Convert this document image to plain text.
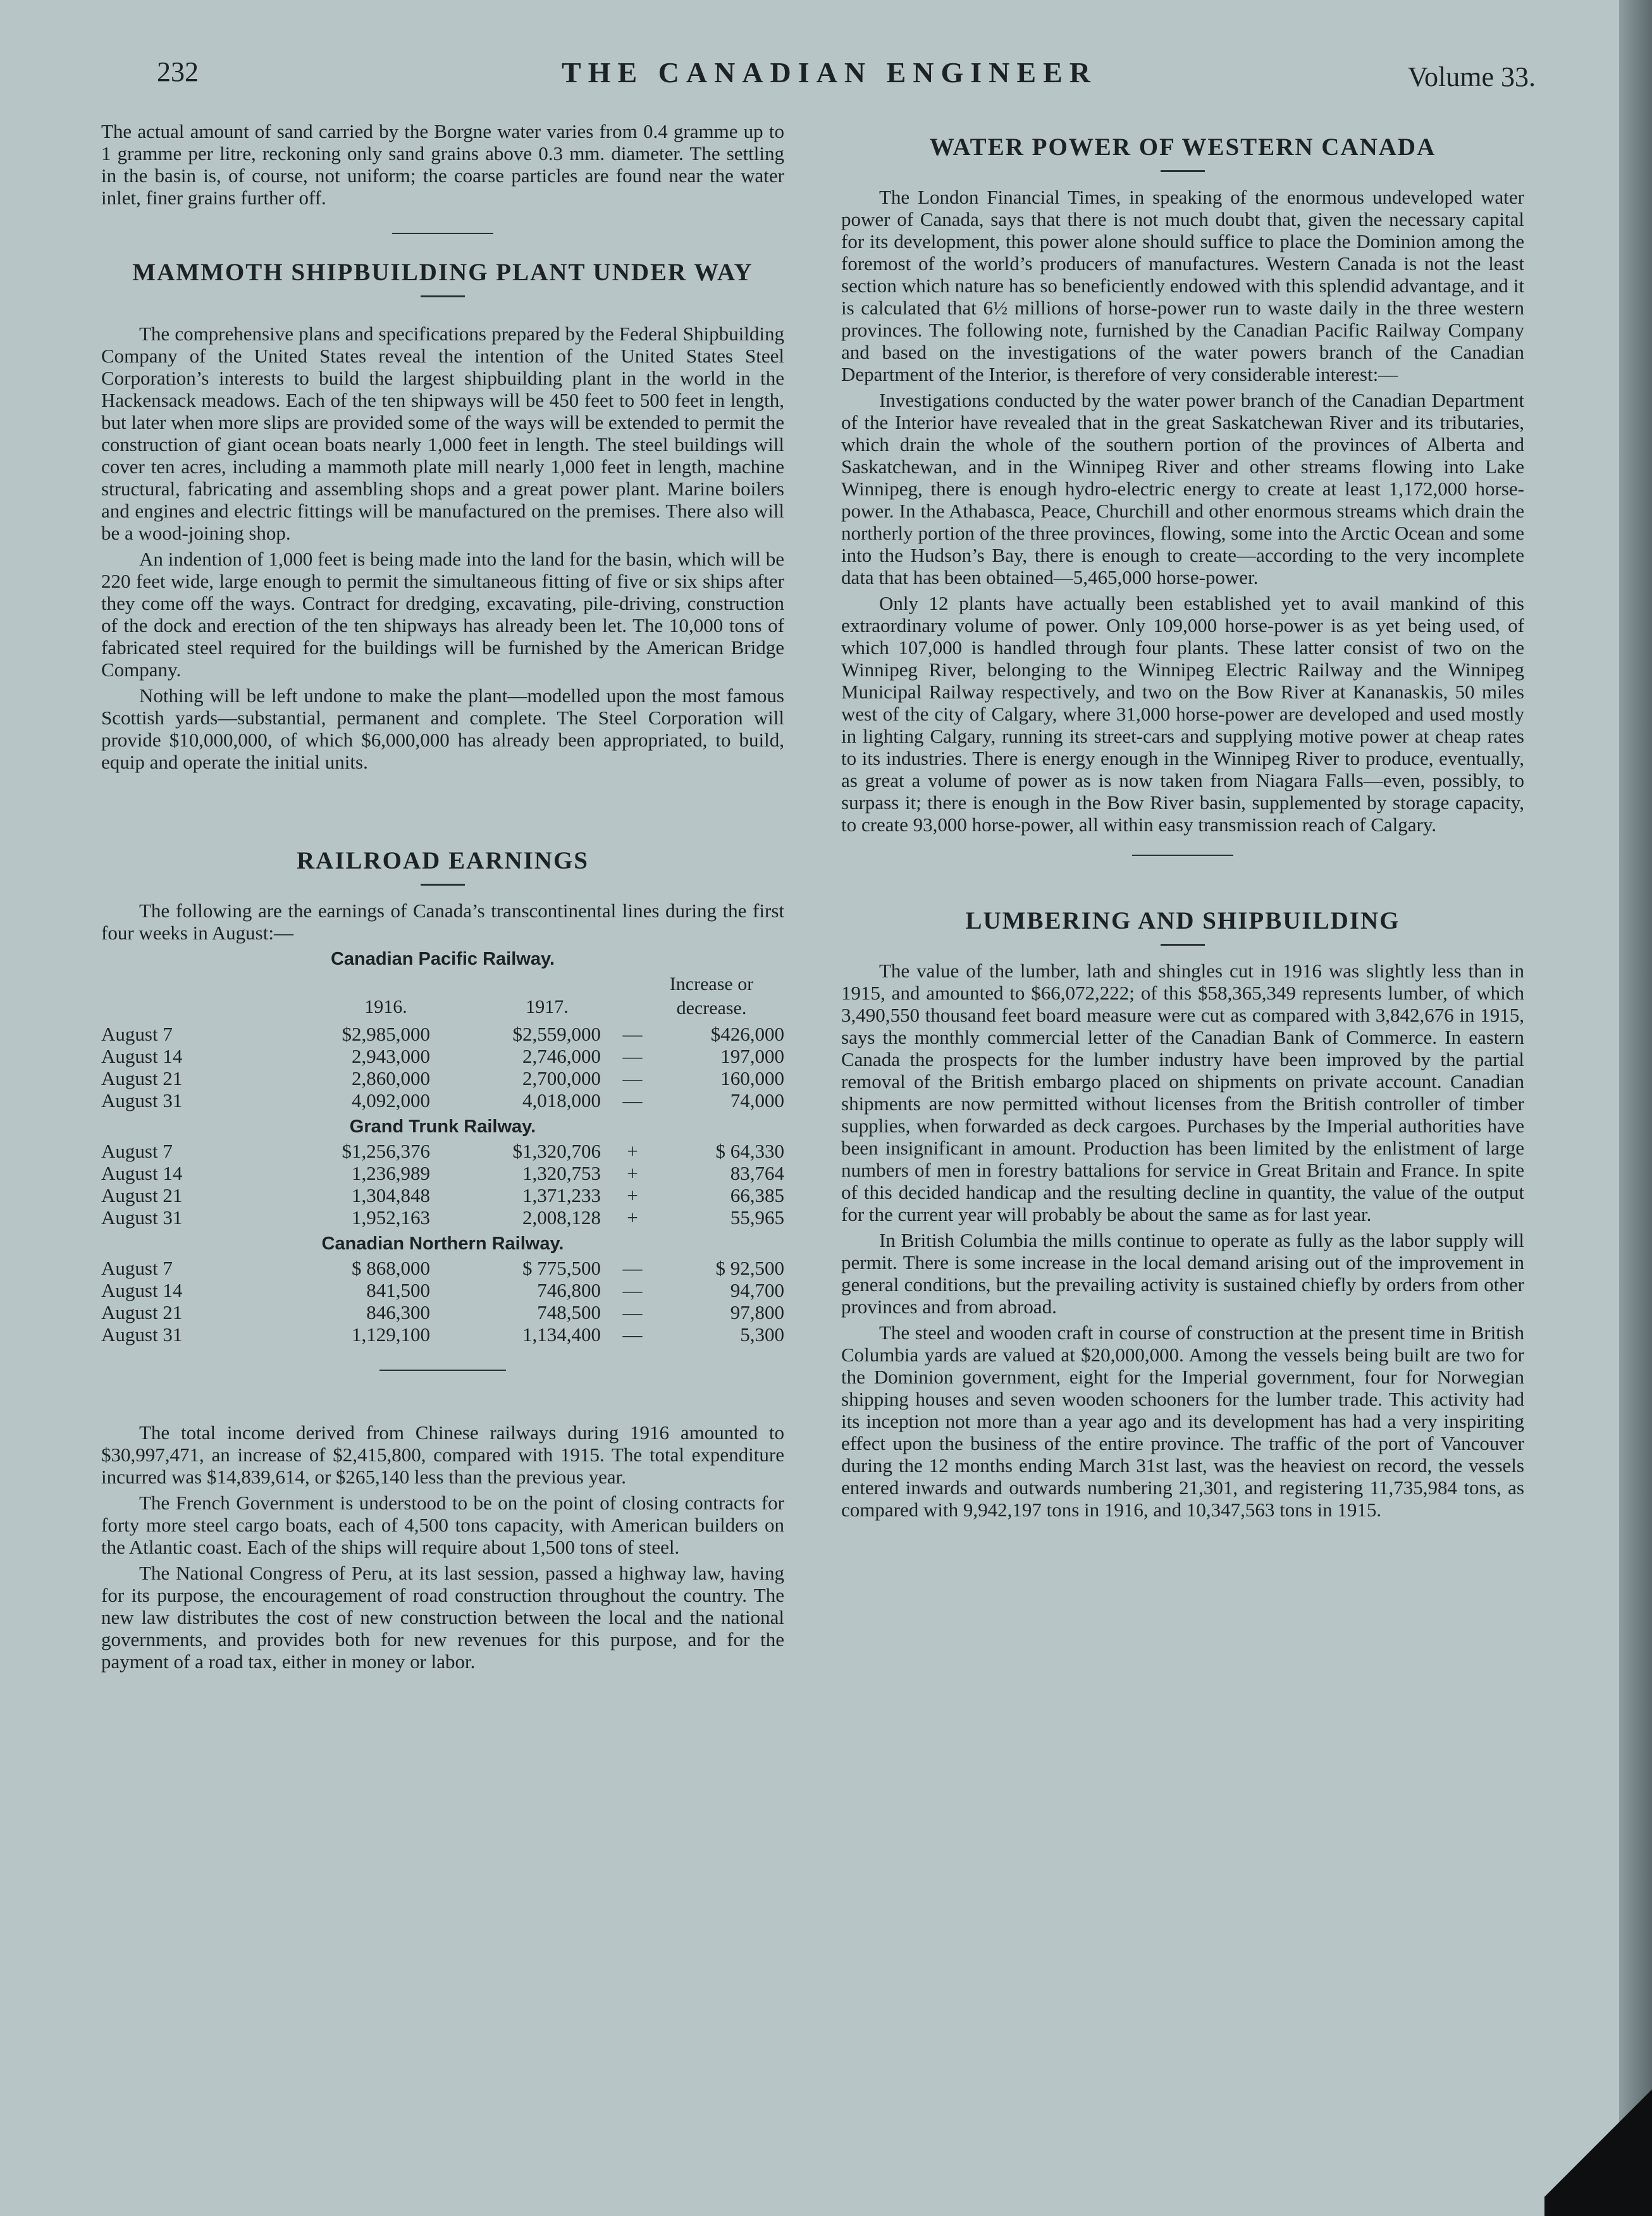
232	THE CANADIAN ENGINEER	Volume 33.

The actual amount of sand carried by the Borgne water varies from 0.4 gramme up to 1 gramme per litre, reckoning only sand grains above 0.3 mm. diameter. The settling in the basin is, of course, not uniform; the coarse particles are found near the water inlet, finer grains further off.

MAMMOTH SHIPBUILDING PLANT UNDER WAY

The comprehensive plans and specifications prepared by the Federal Shipbuilding Company of the United States reveal the intention of the United States Steel Corporation’s interests to build the largest shipbuilding plant in the world in the Hackensack meadows. Each of the ten shipways will be 450 feet to 500 feet in length, but later when more slips are provided some of the ways will be extended to permit the construction of giant ocean boats nearly 1,000 feet in length. The steel buildings will cover ten acres, including a mammoth plate mill nearly 1,000 feet in length, machine structural, fabricating and assembling shops and a great power plant. Marine boilers and engines and electric fittings will be manufactured on the premises. There also will be a wood-joining shop.

An indention of 1,000 feet is being made into the land for the basin, which will be 220 feet wide, large enough to permit the simultaneous fitting of five or six ships after they come off the ways. Contract for dredging, excavating, pile-driving, construction of the dock and erection of the ten shipways has already been let. The 10,000 tons of fabricated steel required for the buildings will be furnished by the American Bridge Company.

Nothing will be left undone to make the plant—modelled upon the most famous Scottish yards—substantial, permanent and complete. The Steel Corporation will provide $10,000,000, of which $6,000,000 has already been appropriated, to build, equip and operate the initial units.

RAILROAD EARNINGS

The following are the earnings of Canada’s transcontinental lines during the first four weeks in August:—

Canadian Pacific Railway.
1916.	1917.
Increase or decrease.
August 7	$2,985,000	$2,559,000	—	$426,000
August 14	2,943,000	2,746,000	—	197,000
August 21	2,860,000	2,700,000	—	160,000
August 31	4,092,000	4,018,000	—	74,000
Grand Trunk Railway.
August 7	$1,256,376	$1,320,706	+	$ 64,330
August 14	1,236,989	1,320,753	+	83,764
August 21	1,304,848	1,371,233	+	66,385
August 31	1,952,163	2,008,128	+	55,965
Canadian Northern Railway.
August 7	$ 868,000	$ 775,500	—	$ 92,500
August 14	841,500	746,800	—	94,700
August 21	846,300	748,500	—	97,800
August 31	1,129,100	1,134,400	—	5,300

The total income derived from Chinese railways during 1916 amounted to $30,997,471, an increase of $2,415,800, compared with 1915. The total expenditure incurred was $14,839,614, or $265,140 less than the previous year.

The French Government is understood to be on the point of closing contracts for forty more steel cargo boats, each of 4,500 tons capacity, with American builders on the Atlantic coast. Each of the ships will require about 1,500 tons of steel.

The National Congress of Peru, at its last session, passed a highway law, having for its purpose, the encouragement of road construction throughout the country. The new law distributes the cost of new construction between the local and the national governments, and provides both for new revenues for this purpose, and for the payment of a road tax, either in money or labor.

WATER POWER OF WESTERN CANADA

The London Financial Times, in speaking of the enormous undeveloped water power of Canada, says that there is not much doubt that, given the necessary capital for its development, this power alone should suffice to place the Dominion among the foremost of the world’s producers of manufactures. Western Canada is not the least section which nature has so beneficiently endowed with this splendid advantage, and it is calculated that 6½ millions of horse-power run to waste daily in the three western provinces. The following note, furnished by the Canadian Pacific Railway Company and based on the investigations of the water powers branch of the Canadian Department of the Interior, is therefore of very considerable interest:—

Investigations conducted by the water power branch of the Canadian Department of the Interior have revealed that in the great Saskatchewan River and its tributaries, which drain the whole of the southern portion of the provinces of Alberta and Saskatchewan, and in the Winnipeg River and other streams flowing into Lake Winnipeg, there is enough hydro-electric energy to create at least 1,172,000 horse-power. In the Athabasca, Peace, Churchill and other enormous streams which drain the northerly portion of the three provinces, flowing, some into the Arctic Ocean and some into the Hudson’s Bay, there is enough to create—according to the very incomplete data that has been obtained—5,465,000 horse-power.

Only 12 plants have actually been established yet to avail mankind of this extraordinary volume of power. Only 109,000 horse-power is as yet being used, of which 107,000 is handled through four plants. These latter consist of two on the Winnipeg River, belonging to the Winnipeg Electric Railway and the Winnipeg Municipal Railway respectively, and two on the Bow River at Kananaskis, 50 miles west of the city of Calgary, where 31,000 horse-power are developed and used mostly in lighting Calgary, running its street-cars and supplying motive power at cheap rates to its industries. There is energy enough in the Winnipeg River to produce, eventually, as great a volume of power as is now taken from Niagara Falls—even, possibly, to surpass it; there is enough in the Bow River basin, supplemented by storage capacity, to create 93,000 horse-power, all within easy transmission reach of Calgary.

LUMBERING AND SHIPBUILDING

The value of the lumber, lath and shingles cut in 1916 was slightly less than in 1915, and amounted to $66,072,222; of this $58,365,349 represents lumber, of which 3,490,550 thousand feet board measure were cut as compared with 3,842,676 in 1915, says the monthly commercial letter of the Canadian Bank of Commerce. In eastern Canada the prospects for the lumber industry have been improved by the partial removal of the British embargo placed on shipments on private account. Canadian shipments are now permitted without licenses from the British controller of timber supplies, when forwarded as deck cargoes. Purchases by the Imperial authorities have been insignificant in amount. Production has been limited by the enlistment of large numbers of men in forestry battalions for service in Great Britain and France. In spite of this decided handicap and the resulting decline in quantity, the value of the output for the current year will probably be about the same as for last year.

In British Columbia the mills continue to operate as fully as the labor supply will permit. There is some increase in the local demand arising out of the improvement in general conditions, but the prevailing activity is sustained chiefly by orders from other provinces and from abroad.

The steel and wooden craft in course of construction at the present time in British Columbia yards are valued at $20,000,000. Among the vessels being built are two for the Dominion government, eight for the Imperial government, four for Norwegian shipping houses and seven wooden schooners for the lumber trade. This activity had its inception not more than a year ago and its development has had a very inspiriting effect upon the business of the entire province. The traffic of the port of Vancouver during the 12 months ending March 31st last, was the heaviest on record, the vessels entered inwards and outwards numbering 21,301, and registering 11,735,984 tons, as compared with 9,942,197 tons in 1916, and 10,347,563 tons in 1915.
